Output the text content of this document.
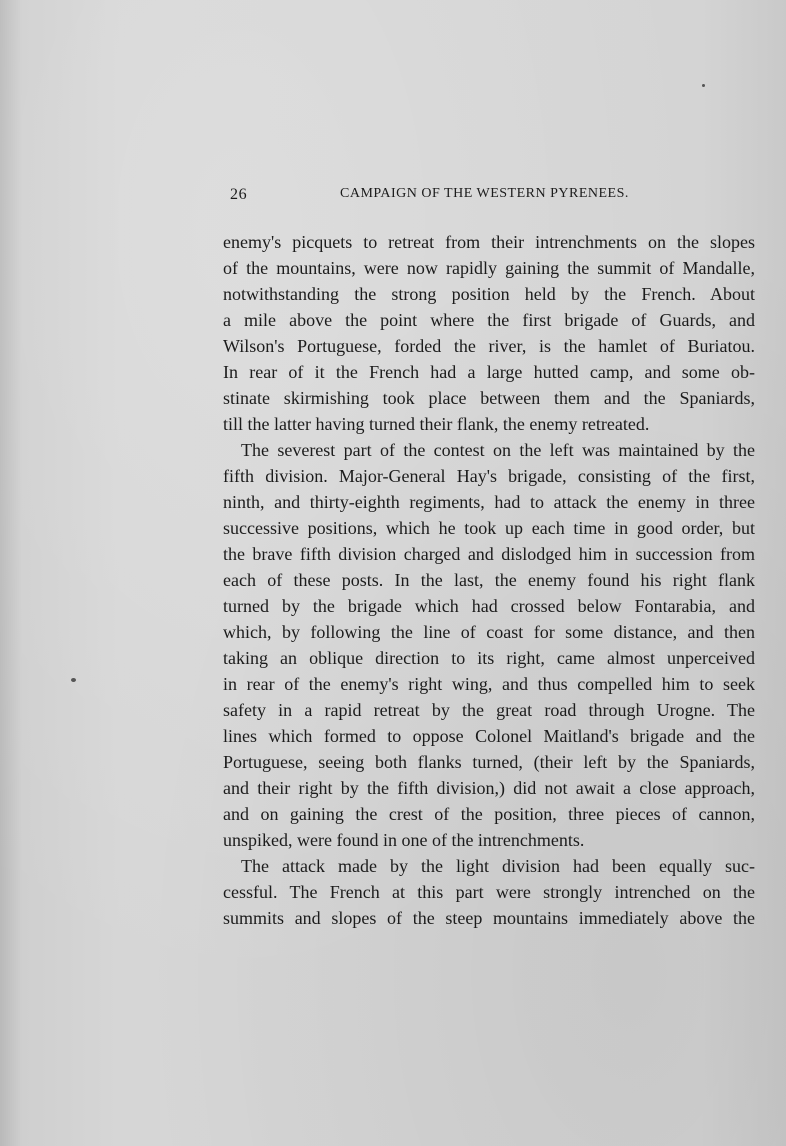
26	CAMPAIGN OF THE WESTERN PYRENEES.
enemy's picquets to retreat from their intrenchments on the slopes
of the mountains, were now rapidly gaining the summit of Mandalle,
notwithstanding the strong position held by the French. About
a mile above the point where the first brigade of Guards, and
Wilson's Portuguese, forded the river, is the hamlet of Buriatou.
In rear of it the French had a large hutted camp, and some ob-
stinate skirmishing took place between them and the Spaniards,
till the latter having turned their flank, the enemy retreated.
The severest part of the contest on the left was maintained by the
fifth division. Major-General Hay's brigade, consisting of the first,
ninth, and thirty-eighth regiments, had to attack the enemy in three
successive positions, which he took up each time in good order, but
the brave fifth division charged and dislodged him in succession from
each of these posts. In the last, the enemy found his right flank
turned by the brigade which had crossed below Fontarabia, and
which, by following the line of coast for some distance, and then
taking an oblique direction to its right, came almost unperceived
in rear of the enemy's right wing, and thus compelled him to seek
safety in a rapid retreat by the great road through Urogne. The
lines which formed to oppose Colonel Maitland's brigade and the
Portuguese, seeing both flanks turned, (their left by the Spaniards,
and their right by the fifth division,) did not await a close approach,
and on gaining the crest of the position, three pieces of cannon,
unspiked, were found in one of the intrenchments.
The attack made by the light division had been equally suc-
cessful. The French at this part were strongly intrenched on the
summits and slopes of the steep mountains immediately above the
